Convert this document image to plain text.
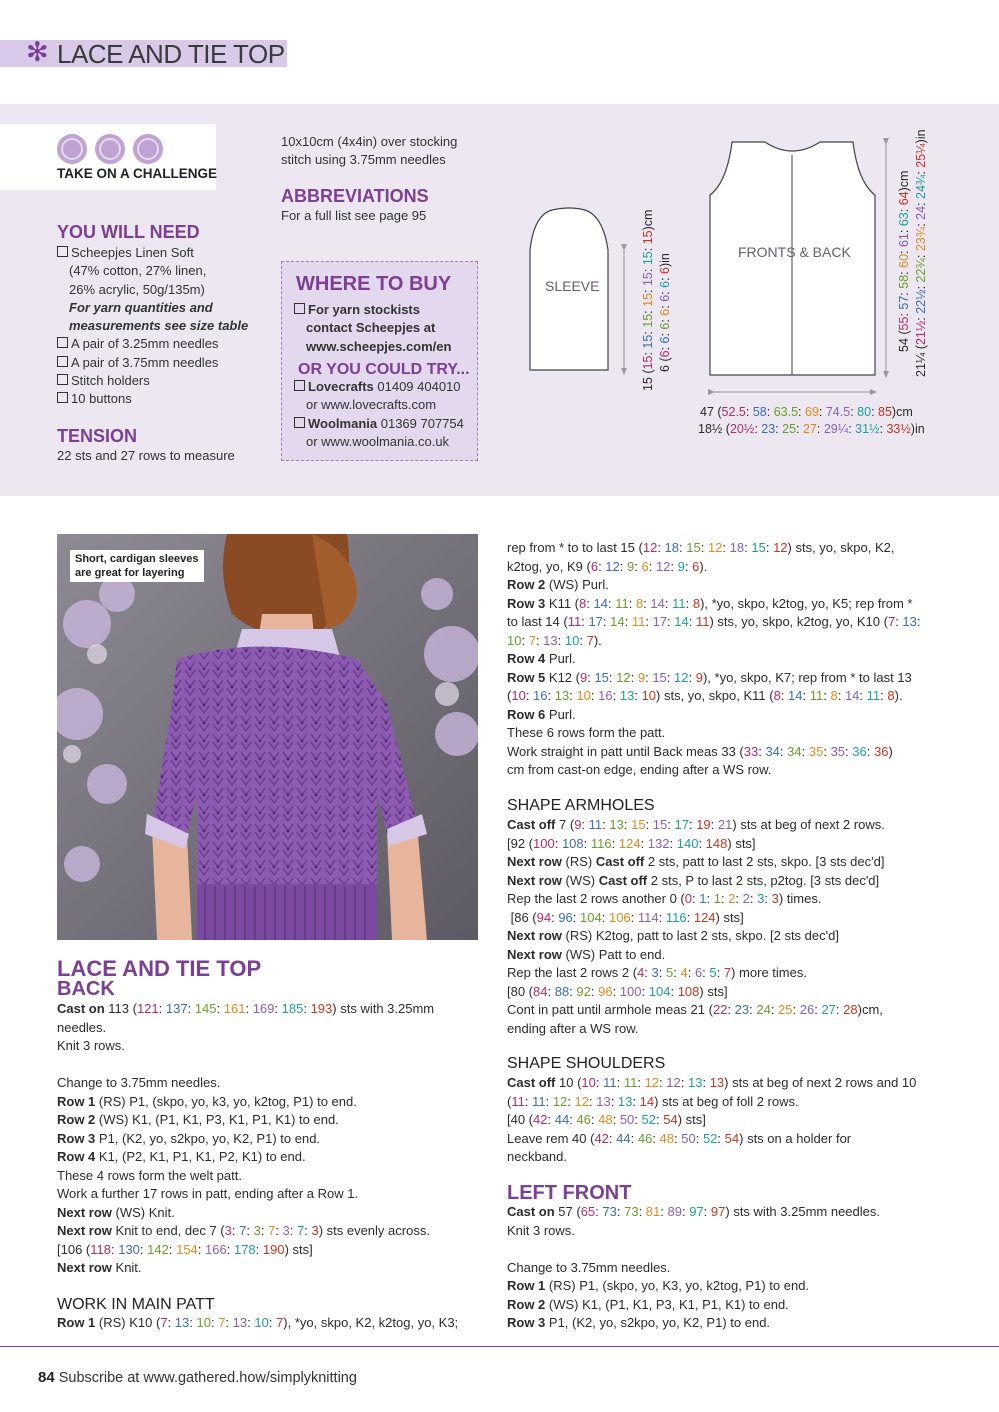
✻ LACE AND TIE TOP
TAKE ON A CHALLENGE
YOU WILL NEED
Scheepjes Linen Soft
(47% cotton, 27% linen,
26% acrylic, 50g/135m)
For yarn quantities and
measurements see size table
A pair of 3.25mm needles
A pair of 3.75mm needles
Stitch holders
10 buttons
TENSION
22 sts and 27 rows to measure
10x10cm (4x4in) over stocking
stitch using 3.75mm needles
ABBREVIATIONS
For a full list see page 95
WHERE TO BUY
For yarn stockists
contact Scheepjes at
www.scheepjes.com/en
OR YOU COULD TRY...
Lovecrafts 01409 404010
or www.lovecrafts.com
Woolmania 01369 707754
or www.woolmania.co.uk
SLEEVE
FRONTS & BACK
15 (15: 15: 15: 15: 15: 15: 15)cm
6 (6: 6: 6: 6: 6: 6: 6)in
54 (55: 57: 58: 60: 61: 63: 64)cm
21¼ (21½: 22½: 22¾: 23¾: 24: 24¾: 25¼)in
47 (52.5: 58: 63.5: 69: 74.5: 80: 85)cm
18½ (20½: 23: 25: 27: 29¼: 31½: 33½)in
Short, cardigan sleeves
are great for layering
LACE AND TIE TOP
BACK
Cast on 113 (121: 137: 145: 161: 169: 185: 193) sts with 3.25mm
needles.
Knit 3 rows.

Change to 3.75mm needles.
Row 1 (RS) P1, (skpo, yo, k3, yo, k2tog, P1) to end.
Row 2 (WS) K1, (P1, K1, P3, K1, P1, K1) to end.
Row 3 P1, (K2, yo, s2kpo, yo, K2, P1) to end.
Row 4 K1, (P2, K1, P1, K1, P2, K1) to end.
These 4 rows form the welt patt.
Work a further 17 rows in patt, ending after a Row 1.
Next row (WS) Knit.
Next row Knit to end, dec 7 (3: 7: 3: 7: 3: 7: 3) sts evenly across.
[106 (118: 130: 142: 154: 166: 178: 190) sts]
Next row Knit.
WORK IN MAIN PATT
Row 1 (RS) K10 (7: 13: 10: 7: 13: 10: 7), *yo, skpo, K2, k2tog, yo, K3;
rep from * to to last 15 (12: 18: 15: 12: 18: 15: 12) sts, yo, skpo, K2,
k2tog, yo, K9 (6: 12: 9: 6: 12: 9: 6).
Row 2 (WS) Purl.
Row 3 K11 (8: 14: 11: 8: 14: 11: 8), *yo, skpo, k2tog, yo, K5; rep from *
to last 14 (11: 17: 14: 11: 17: 14: 11) sts, yo, skpo, k2tog, yo, K10 (7: 13:
10: 7: 13: 10: 7).
Row 4 Purl.
Row 5 K12 (9: 15: 12: 9: 15: 12: 9), *yo, skpo, K7; rep from * to last 13
(10: 16: 13: 10: 16: 13: 10) sts, yo, skpo, K11 (8: 14: 11: 8: 14: 11: 8).
Row 6 Purl.
These 6 rows form the patt.
Work straight in patt until Back meas 33 (33: 34: 34: 35: 35: 36: 36)
cm from cast-on edge, ending after a WS row.
SHAPE ARMHOLES
Cast off 7 (9: 11: 13: 15: 15: 17: 19: 21) sts at beg of next 2 rows.
[92 (100: 108: 116: 124: 132: 140: 148) sts]
Next row (RS) Cast off 2 sts, patt to last 2 sts, skpo. [3 sts dec'd]
Next row (WS) Cast off 2 sts, P to last 2 sts, p2tog. [3 sts dec'd]
Rep the last 2 rows another 0 (0: 1: 1: 2: 2: 3: 3) times.
[86 (94: 96: 104: 106: 114: 116: 124) sts]
Next row (RS) K2tog, patt to last 2 sts, skpo. [2 sts dec'd]
Next row (WS) Patt to end.
Rep the last 2 rows 2 (4: 3: 5: 4: 6: 5: 7) more times.
[80 (84: 88: 92: 96: 100: 104: 108) sts]
Cont in patt until armhole meas 21 (22: 23: 24: 25: 26: 27: 28)cm,
ending after a WS row.
SHAPE SHOULDERS
Cast off 10 (10: 11: 11: 12: 12: 13: 13) sts at beg of next 2 rows and 10
(11: 11: 12: 12: 13: 13: 14) sts at beg of foll 2 rows.
[40 (42: 44: 46: 48: 50: 52: 54) sts]
Leave rem 40 (42: 44: 46: 48: 50: 52: 54) sts on a holder for
neckband.
LEFT FRONT
Cast on 57 (65: 73: 73: 81: 89: 97: 97) sts with 3.25mm needles.
Knit 3 rows.

Change to 3.75mm needles.
Row 1 (RS) P1, (skpo, yo, K3, yo, k2tog, P1) to end.
Row 2 (WS) K1, (P1, K1, P3, K1, P1, K1) to end.
Row 3 P1, (K2, yo, s2kpo, yo, K2, P1) to end.
84 Subscribe at www.gathered.how/simplyknitting
